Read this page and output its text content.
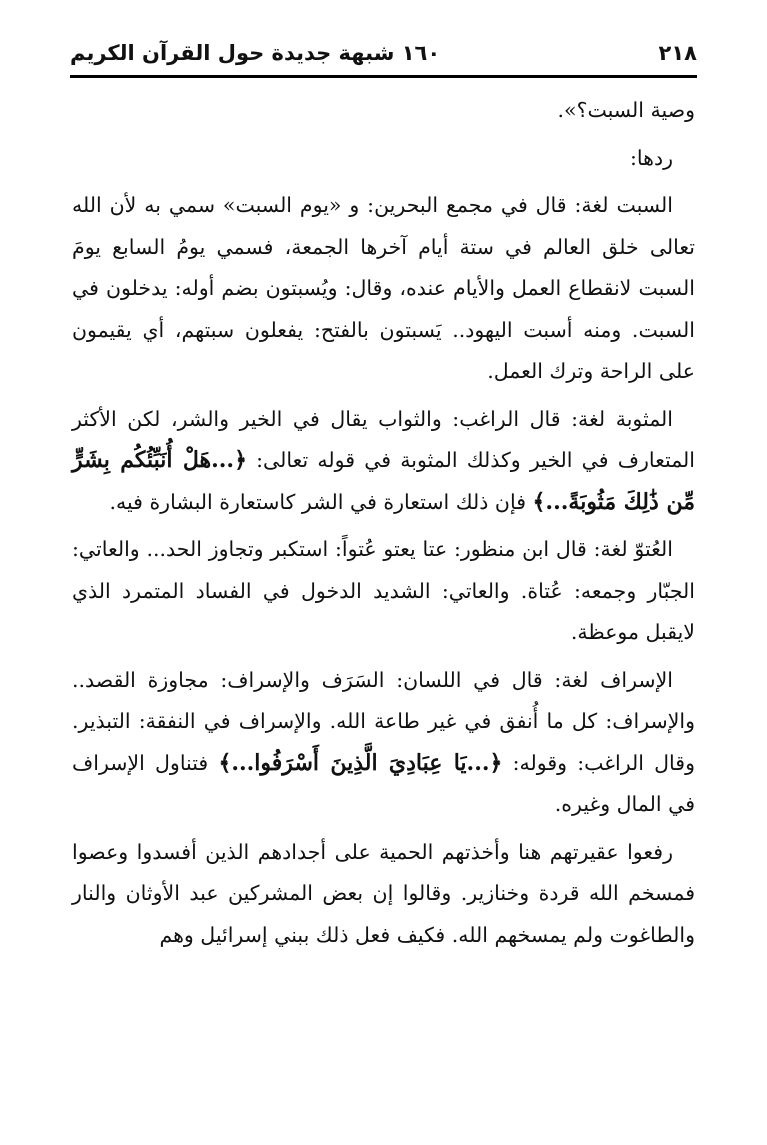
٢١٨
١٦٠ شبهة جديدة حول القرآن الكريم

وصية السبت؟».

ردها:

السبت لغة: قال في مجمع البحرين: و «يوم السبت» سمي به لأن الله تعالى خلق العالم في ستة أيام آخرها الجمعة، فسمي يومُ السابع يومَ السبت لانقطاع العمل والأيام عنده، وقال: ويُسبتون بضم أوله: يدخلون في السبت. ومنه أسبت اليهود.. يَسبتون بالفتح: يفعلون سبتهم، أي يقيمون على الراحة وترك العمل.

المثوبة لغة: قال الراغب: والثواب يقال في الخير والشر، لكن الأكثر المتعارف في الخير وكذلك المثوبة في قوله تعالى: ﴿...هَلْ أُنَبِّئُكُم بِشَرٍّ مِّن ذَٰلِكَ مَثُوبَةً...﴾ فإن ذلك استعارة في الشر كاستعارة البشارة فيه.

العُتوّ لغة: قال ابن منظور: عتا يعتو عُتواً: استكبر وتجاوز الحد... والعاتي: الجبّار وجمعه: عُتاة. والعاتي: الشديد الدخول في الفساد المتمرد الذي لايقبل موعظة.

الإسراف لغة: قال في اللسان: السَرَف والإسراف: مجاوزة القصد.. والإسراف: كل ما أُنفق في غير طاعة الله. والإسراف في النفقة: التبذير. وقال الراغب: وقوله: ﴿...يَا عِبَادِيَ الَّذِينَ أَسْرَفُوا...﴾ فتناول الإسراف في المال وغيره.

رفعوا عقيرتهم هنا وأخذتهم الحمية على أجدادهم الذين أفسدوا وعصوا فمسخم الله قردة وخنازير. وقالوا إن بعض المشركين عبد الأوثان والنار والطاغوت ولم يمسخهم الله. فكيف فعل ذلك ببني إسرائيل وهم
